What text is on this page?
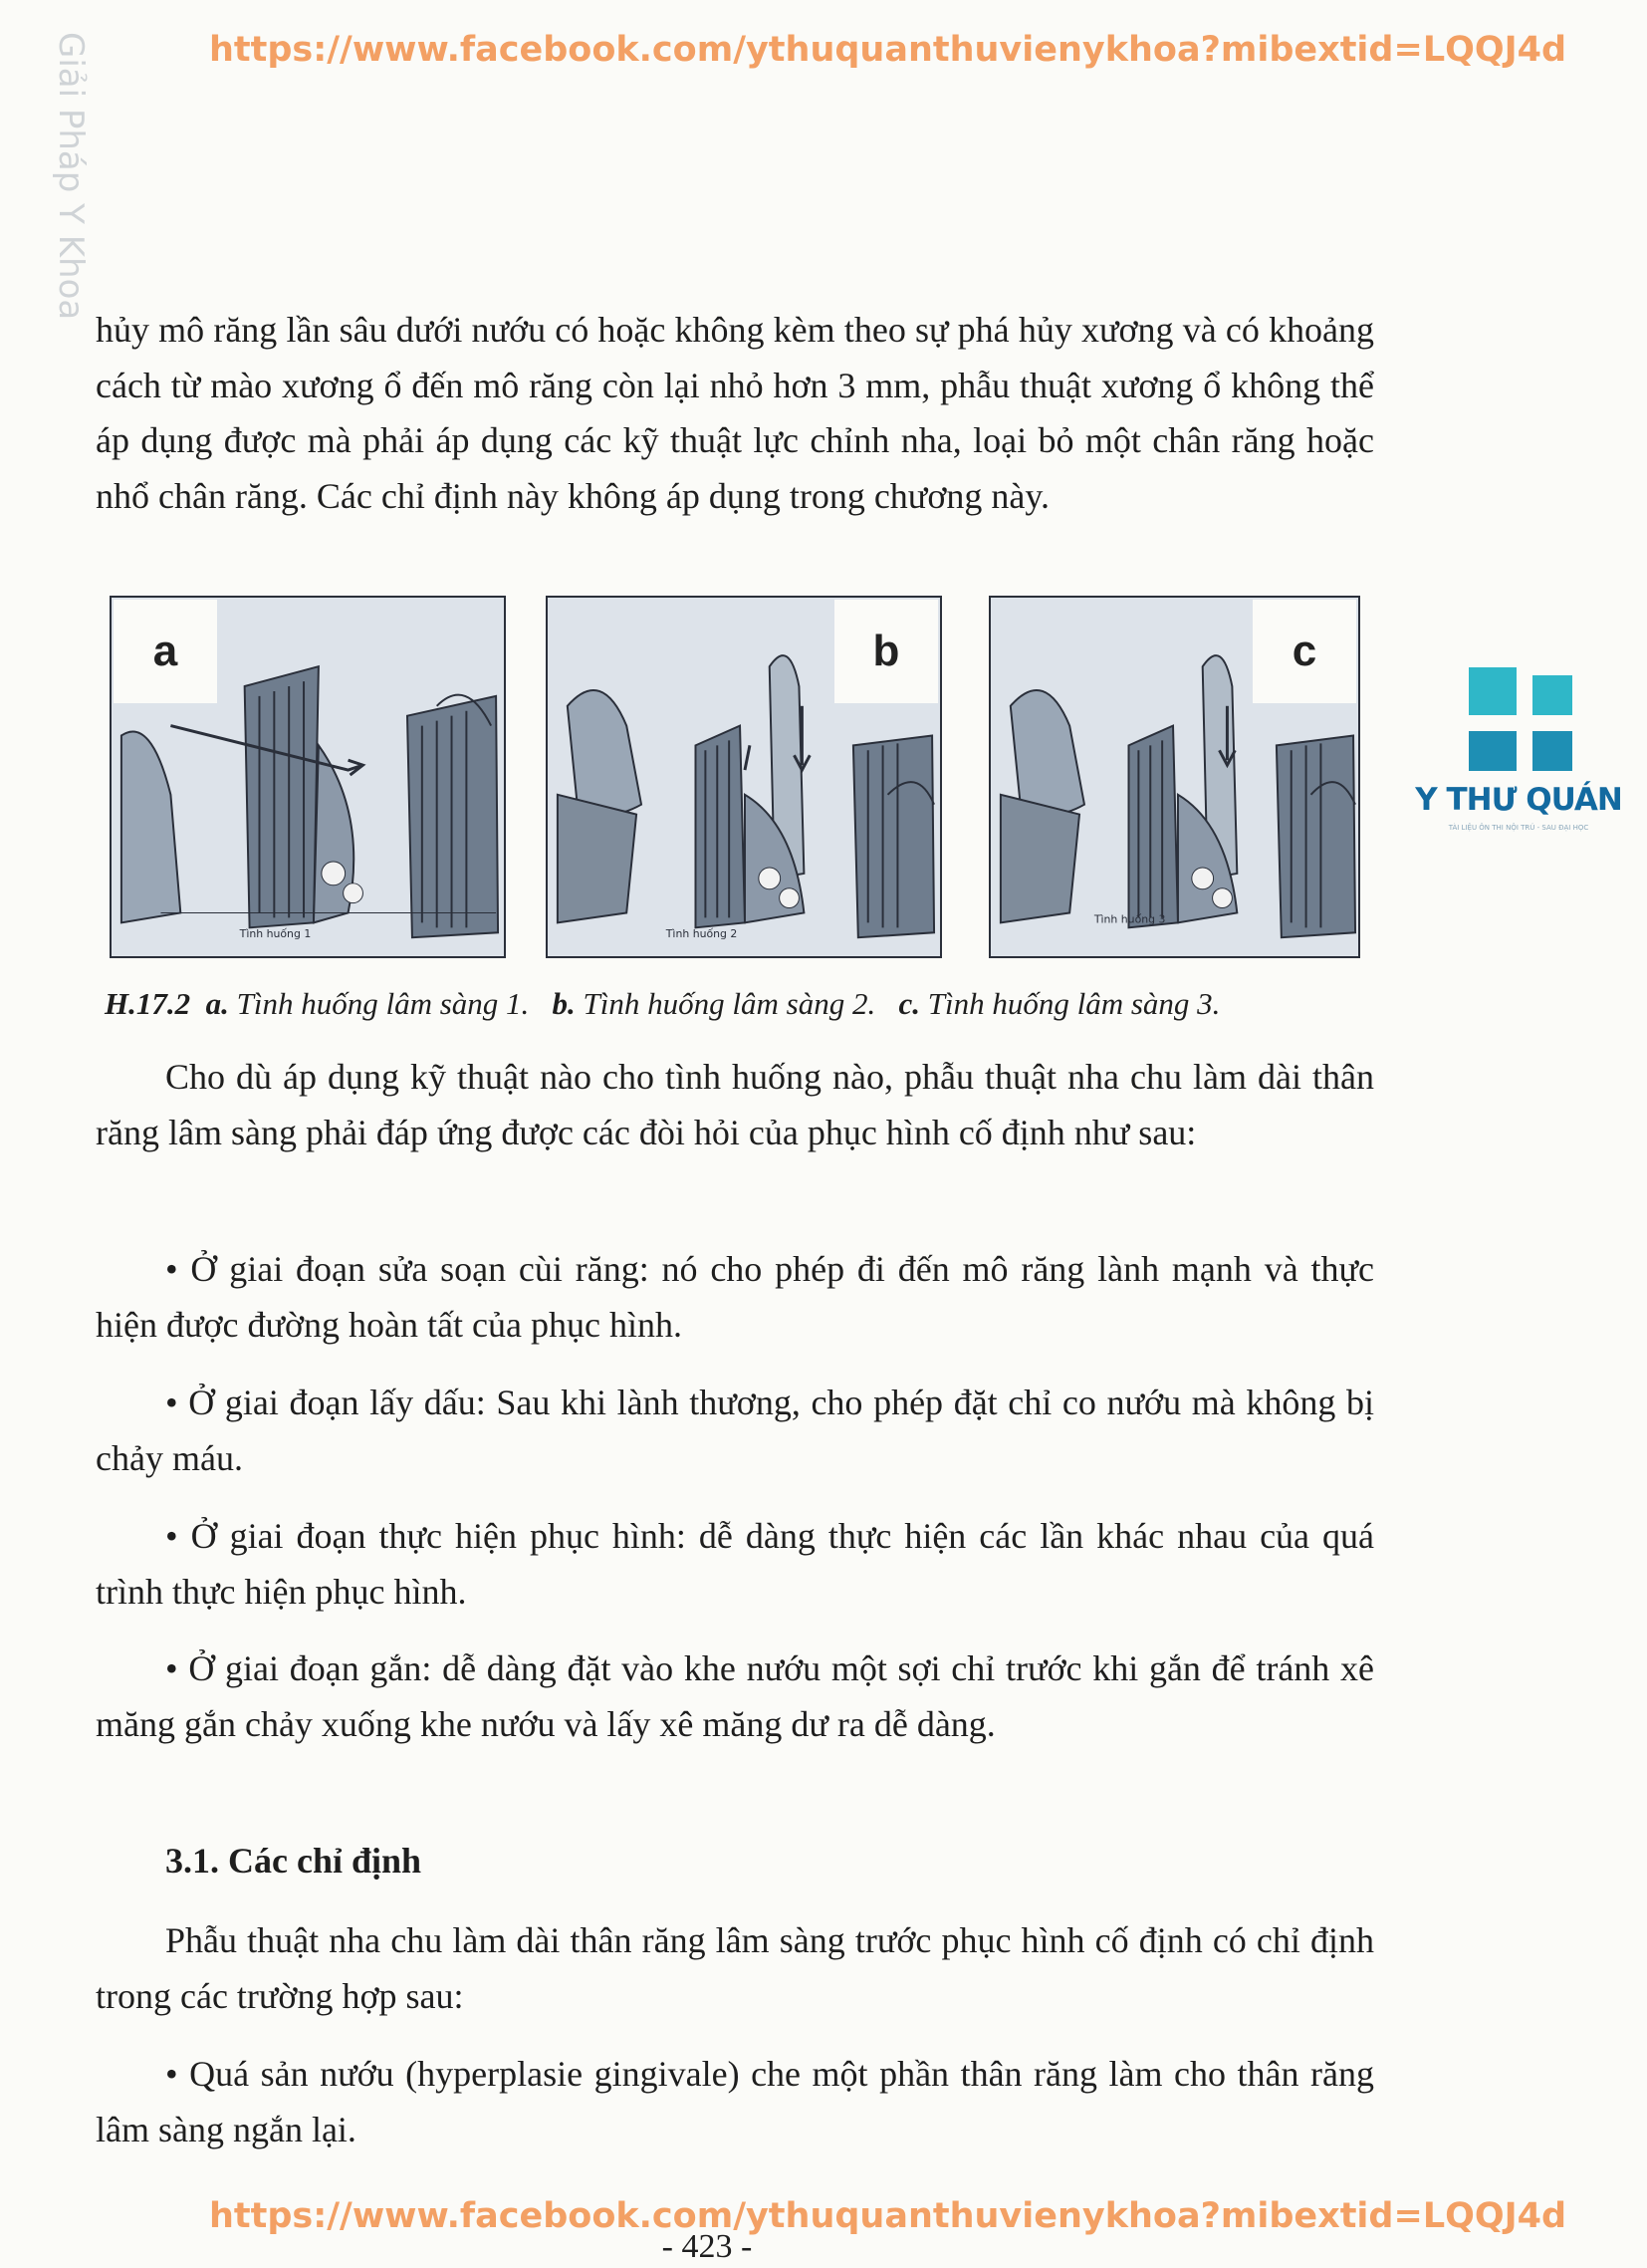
https://www.facebook.com/ythuquanthuvienykhoa?mibextid=LQQJ4d
Giải Pháp Y Khoa

hủy mô răng lần sâu dưới nướu có hoặc không kèm theo sự phá hủy xương và có khoảng cách từ mào xương ổ đến mô răng còn lại nhỏ hơn 3 mm, phẫu thuật xương ổ không thể áp dụng được mà phải áp dụng các kỹ thuật lực chỉnh nha, loại bỏ một chân răng hoặc nhổ chân răng. Các chỉ định này không áp dụng trong chương này.

Tình huống 1
a
Tình huống 2
b
Tình huống 3
c
H.17.2 a. Tình huống lâm sàng 1. b. Tình huống lâm sàng 2. c. Tình huống lâm sàng 3.
Y THƯ QUÁN
TÀI LIỆU ÔN THI NỘI TRÚ - SAU ĐẠI HỌC

Cho dù áp dụng kỹ thuật nào cho tình huống nào, phẫu thuật nha chu làm dài thân răng lâm sàng phải đáp ứng được các đòi hỏi của phục hình cố định như sau:

• Ở giai đoạn sửa soạn cùi răng: nó cho phép đi đến mô răng lành mạnh và thực hiện được đường hoàn tất của phục hình.

• Ở giai đoạn lấy dấu: Sau khi lành thương, cho phép đặt chỉ co nướu mà không bị chảy máu.

• Ở giai đoạn thực hiện phục hình: dễ dàng thực hiện các lần khác nhau của quá trình thực hiện phục hình.

• Ở giai đoạn gắn: dễ dàng đặt vào khe nướu một sợi chỉ trước khi gắn để tránh xê măng gắn chảy xuống khe nướu và lấy xê măng dư ra dễ dàng.

3.1. Các chỉ định

Phẫu thuật nha chu làm dài thân răng lâm sàng trước phục hình cố định có chỉ định trong các trường hợp sau:

• Quá sản nướu (hyperplasie gingivale) che một phần thân răng làm cho thân răng lâm sàng ngắn lại.

https://www.facebook.com/ythuquanthuvienykhoa?mibextid=LQQJ4d
- 423 -
